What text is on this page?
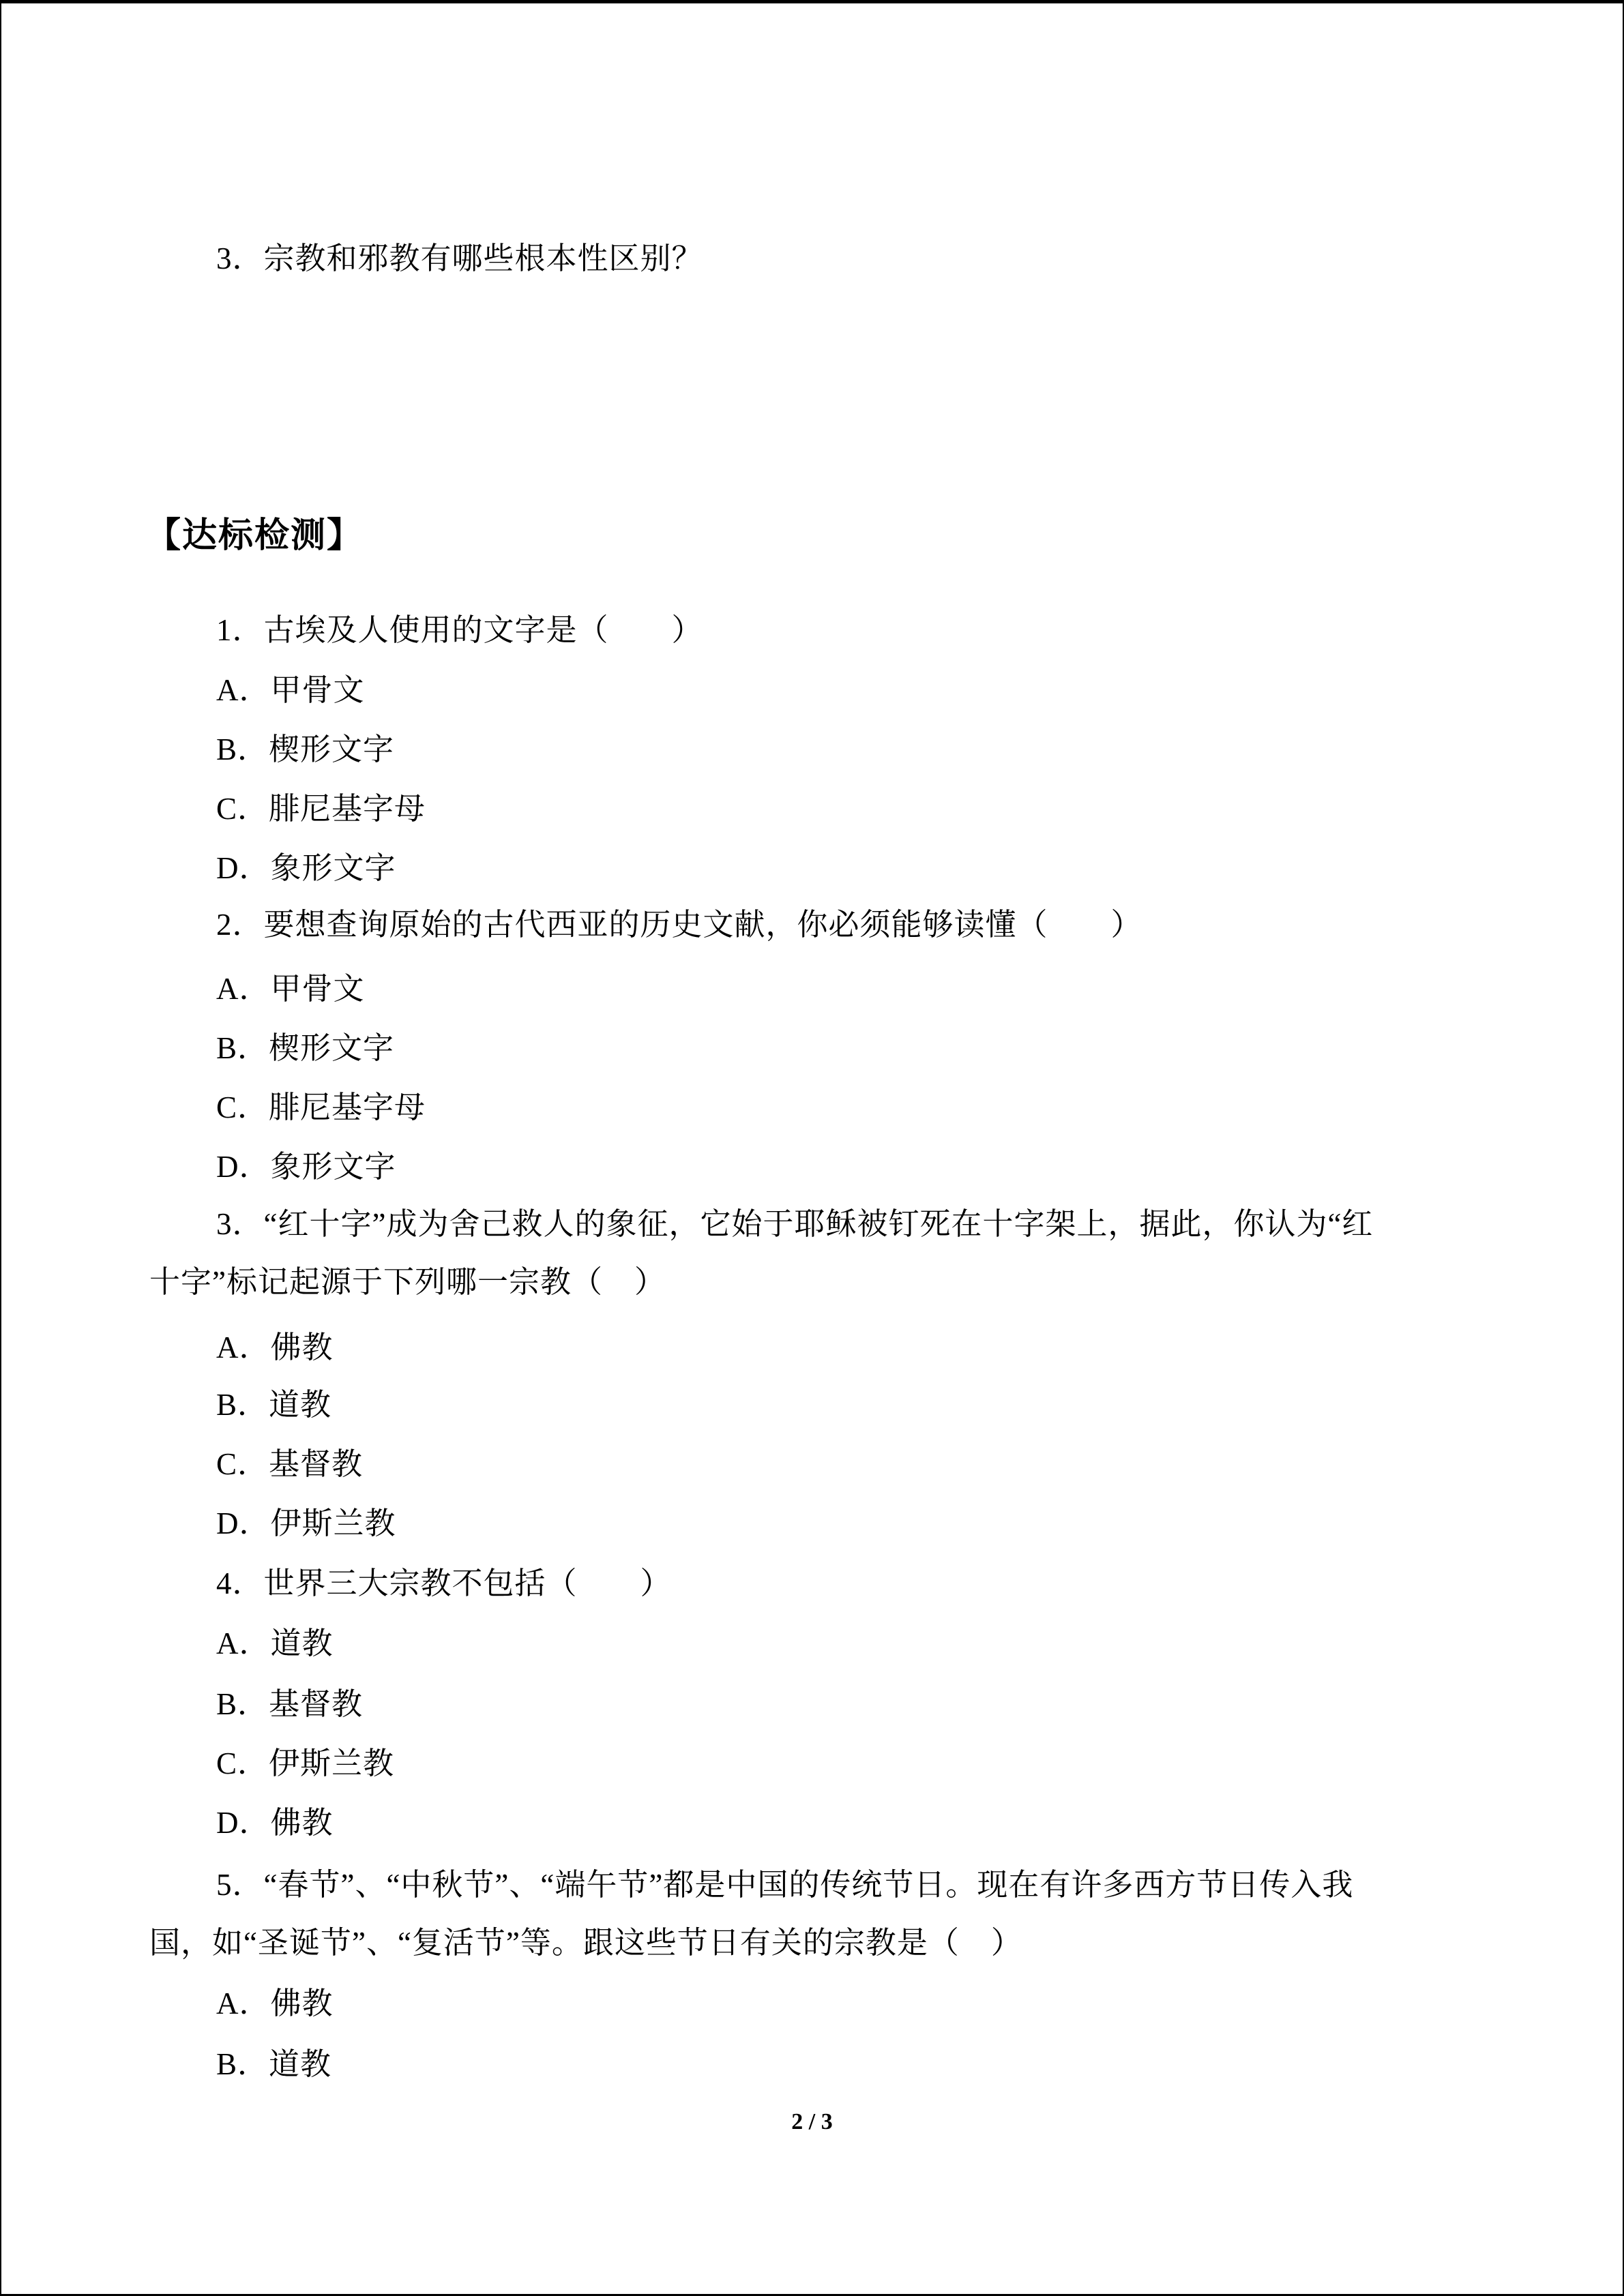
3．宗教和邪教有哪些根本性区别？
【达标检测】
1．古埃及人使用的文字是（　　）
A．甲骨文
B．楔形文字
C．腓尼基字母
D．象形文字
2．要想查询原始的古代西亚的历史文献，你必须能够读懂（　　）
A．甲骨文
B．楔形文字
C．腓尼基字母
D．象形文字
3．“红十字”成为舍己救人的象征，它始于耶稣被钉死在十字架上，据此，你认为“红
十字”标记起源于下列哪一宗教（　）
A．佛教
B．道教
C．基督教
D．伊斯兰教
4．世界三大宗教不包括（　　）
A．道教
B．基督教
C．伊斯兰教
D．佛教
5．“春节”、“中秋节”、“端午节”都是中国的传统节日。现在有许多西方节日传入我
国，如“圣诞节”、“复活节”等。跟这些节日有关的宗教是（　）
A．佛教
B．道教
2 / 3
